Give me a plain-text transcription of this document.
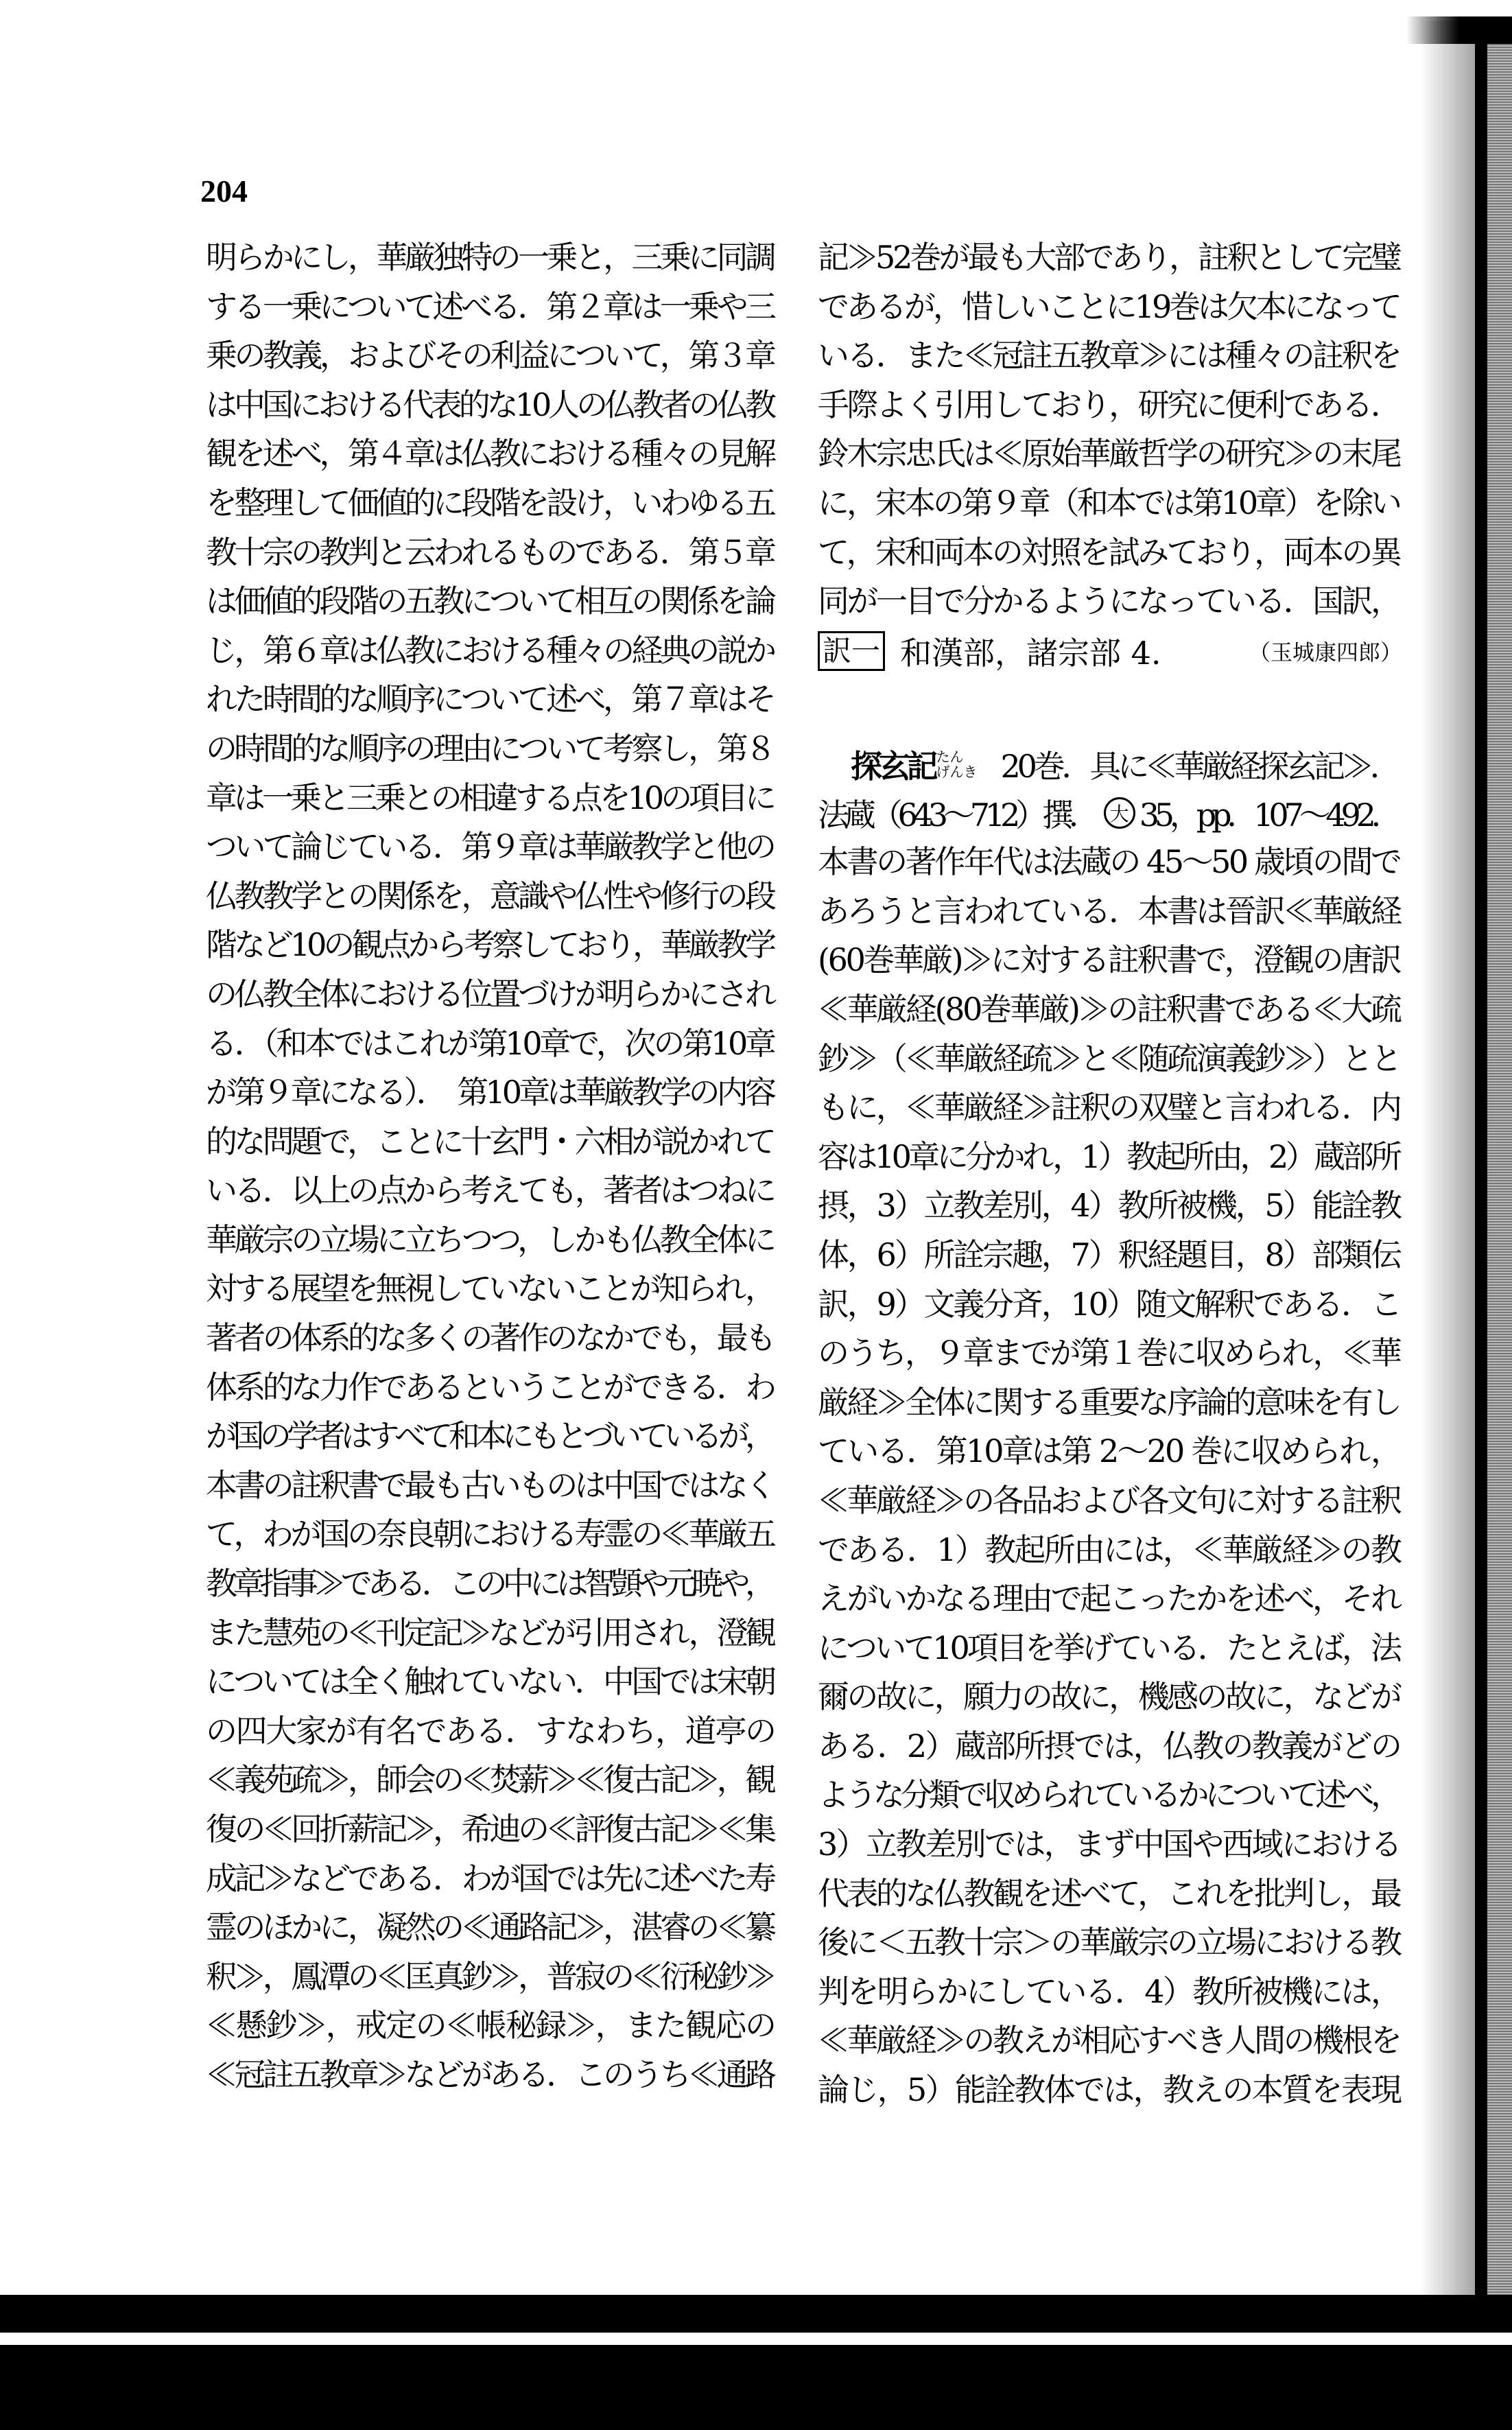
204
明らかにし，華厳独特の一乗と，三乗に同調
する一乗について述べる．第２章は一乗や三
乗の教義，およびその利益について，第３章
は中国における代表的な10人の仏教者の仏教
観を述べ，第４章は仏教における種々の見解
を整理して価値的に段階を設け，いわゆる五
教十宗の教判と云われるものである．第５章
は価値的段階の五教について相互の関係を論
じ，第６章は仏教における種々の経典の説か
れた時間的な順序について述べ，第７章はそ
の時間的な順序の理由について考察し，第８
章は一乗と三乗との相違する点を10の項目に
ついて論じている．第９章は華厳教学と他の
仏教教学との関係を，意識や仏性や修行の段
階など10の観点から考察しており，華厳教学
の仏教全体における位置づけが明らかにされ
る．（和本ではこれが第10章で，次の第10章
が第９章になる）．　第10章は華厳教学の内容
的な問題で，ことに十玄門・六相が説かれて
いる．以上の点から考えても，著者はつねに
華厳宗の立場に立ちつつ，しかも仏教全体に
対する展望を無視していないことが知られ，
著者の体系的な多くの著作のなかでも，最も
体系的な力作であるということができる．わ
が国の学者はすべて和本にもとづいているが，
本書の註釈書で最も古いものは中国ではなく
て，わが国の奈良朝における寿霊の≪華厳五
教章指事≫である．この中には智顗や元暁や，
また慧苑の≪刊定記≫などが引用され，澄観
については全く触れていない．中国では宋朝
の四大家が有名である．すなわち，道亭の
≪義苑疏≫，師会の≪焚薪≫≪復古記≫，観
復の≪回折薪記≫，希迪の≪評復古記≫≪集
成記≫などである．わが国では先に述べた寿
霊のほかに，凝然の≪通路記≫，湛睿の≪纂
釈≫，鳳潭の≪匡真鈔≫，普寂の≪衍秘鈔≫
≪懸鈔≫，戒定の≪帳秘録≫，また観応の
≪冠註五教章≫などがある．このうち≪通路
記≫52巻が最も大部であり，註釈として完璧
であるが，惜しいことに19巻は欠本になって
いる．また≪冠註五教章≫には種々の註釈を
手際よく引用しており，研究に便利である．
鈴木宗忠氏は≪原始華厳哲学の研究≫の末尾
に，宋本の第９章（和本では第10章）を除い
て，宋和両本の対照を試みており，両本の異
同が一目で分かるようになっている．国訳，
訳一 和漢部，諸宗部 4.	（玉城康四郎）
探玄記 たん
げんき 20巻．具に≪華厳経探玄記≫．
法蔵（643～712）撰． 大 35，pp．107～492．
本書の著作年代は法蔵の 45～50 歳頃の間で
あろうと言われている．本書は晉訳≪華厳経
(60巻華厳)≫に対する註釈書で，澄観の唐訳
≪華厳経(80巻華厳)≫の註釈書である≪大疏
鈔≫（≪華厳経疏≫と≪随疏演義鈔≫）とと
もに，≪華厳経≫註釈の双璧と言われる．内
容は10章に分かれ，1）教起所由，2）蔵部所
摂，3）立教差別，4）教所被機，5）能詮教
体，6）所詮宗趣，7）釈経題目，8）部類伝
訳，9）文義分斉，10）随文解釈である．こ
のうち，９章までが第１巻に収められ，≪華
厳経≫全体に関する重要な序論的意味を有し
ている．第10章は第 2～20 巻に収められ，
≪華厳経≫の各品および各文句に対する註釈
である．1）教起所由には，≪華厳経≫の教
えがいかなる理由で起こったかを述べ，それ
について10項目を挙げている．たとえば，法
爾の故に，願力の故に，機感の故に，などが
ある．2）蔵部所摂では，仏教の教義がどの
ような分類で収められているかについて述べ，
3）立教差別では，まず中国や西域における
代表的な仏教観を述べて，これを批判し，最
後に＜五教十宗＞の華厳宗の立場における教
判を明らかにしている．4）教所被機には，
≪華厳経≫の教えが相応すべき人間の機根を
論じ，5）能詮教体では，教えの本質を表現
